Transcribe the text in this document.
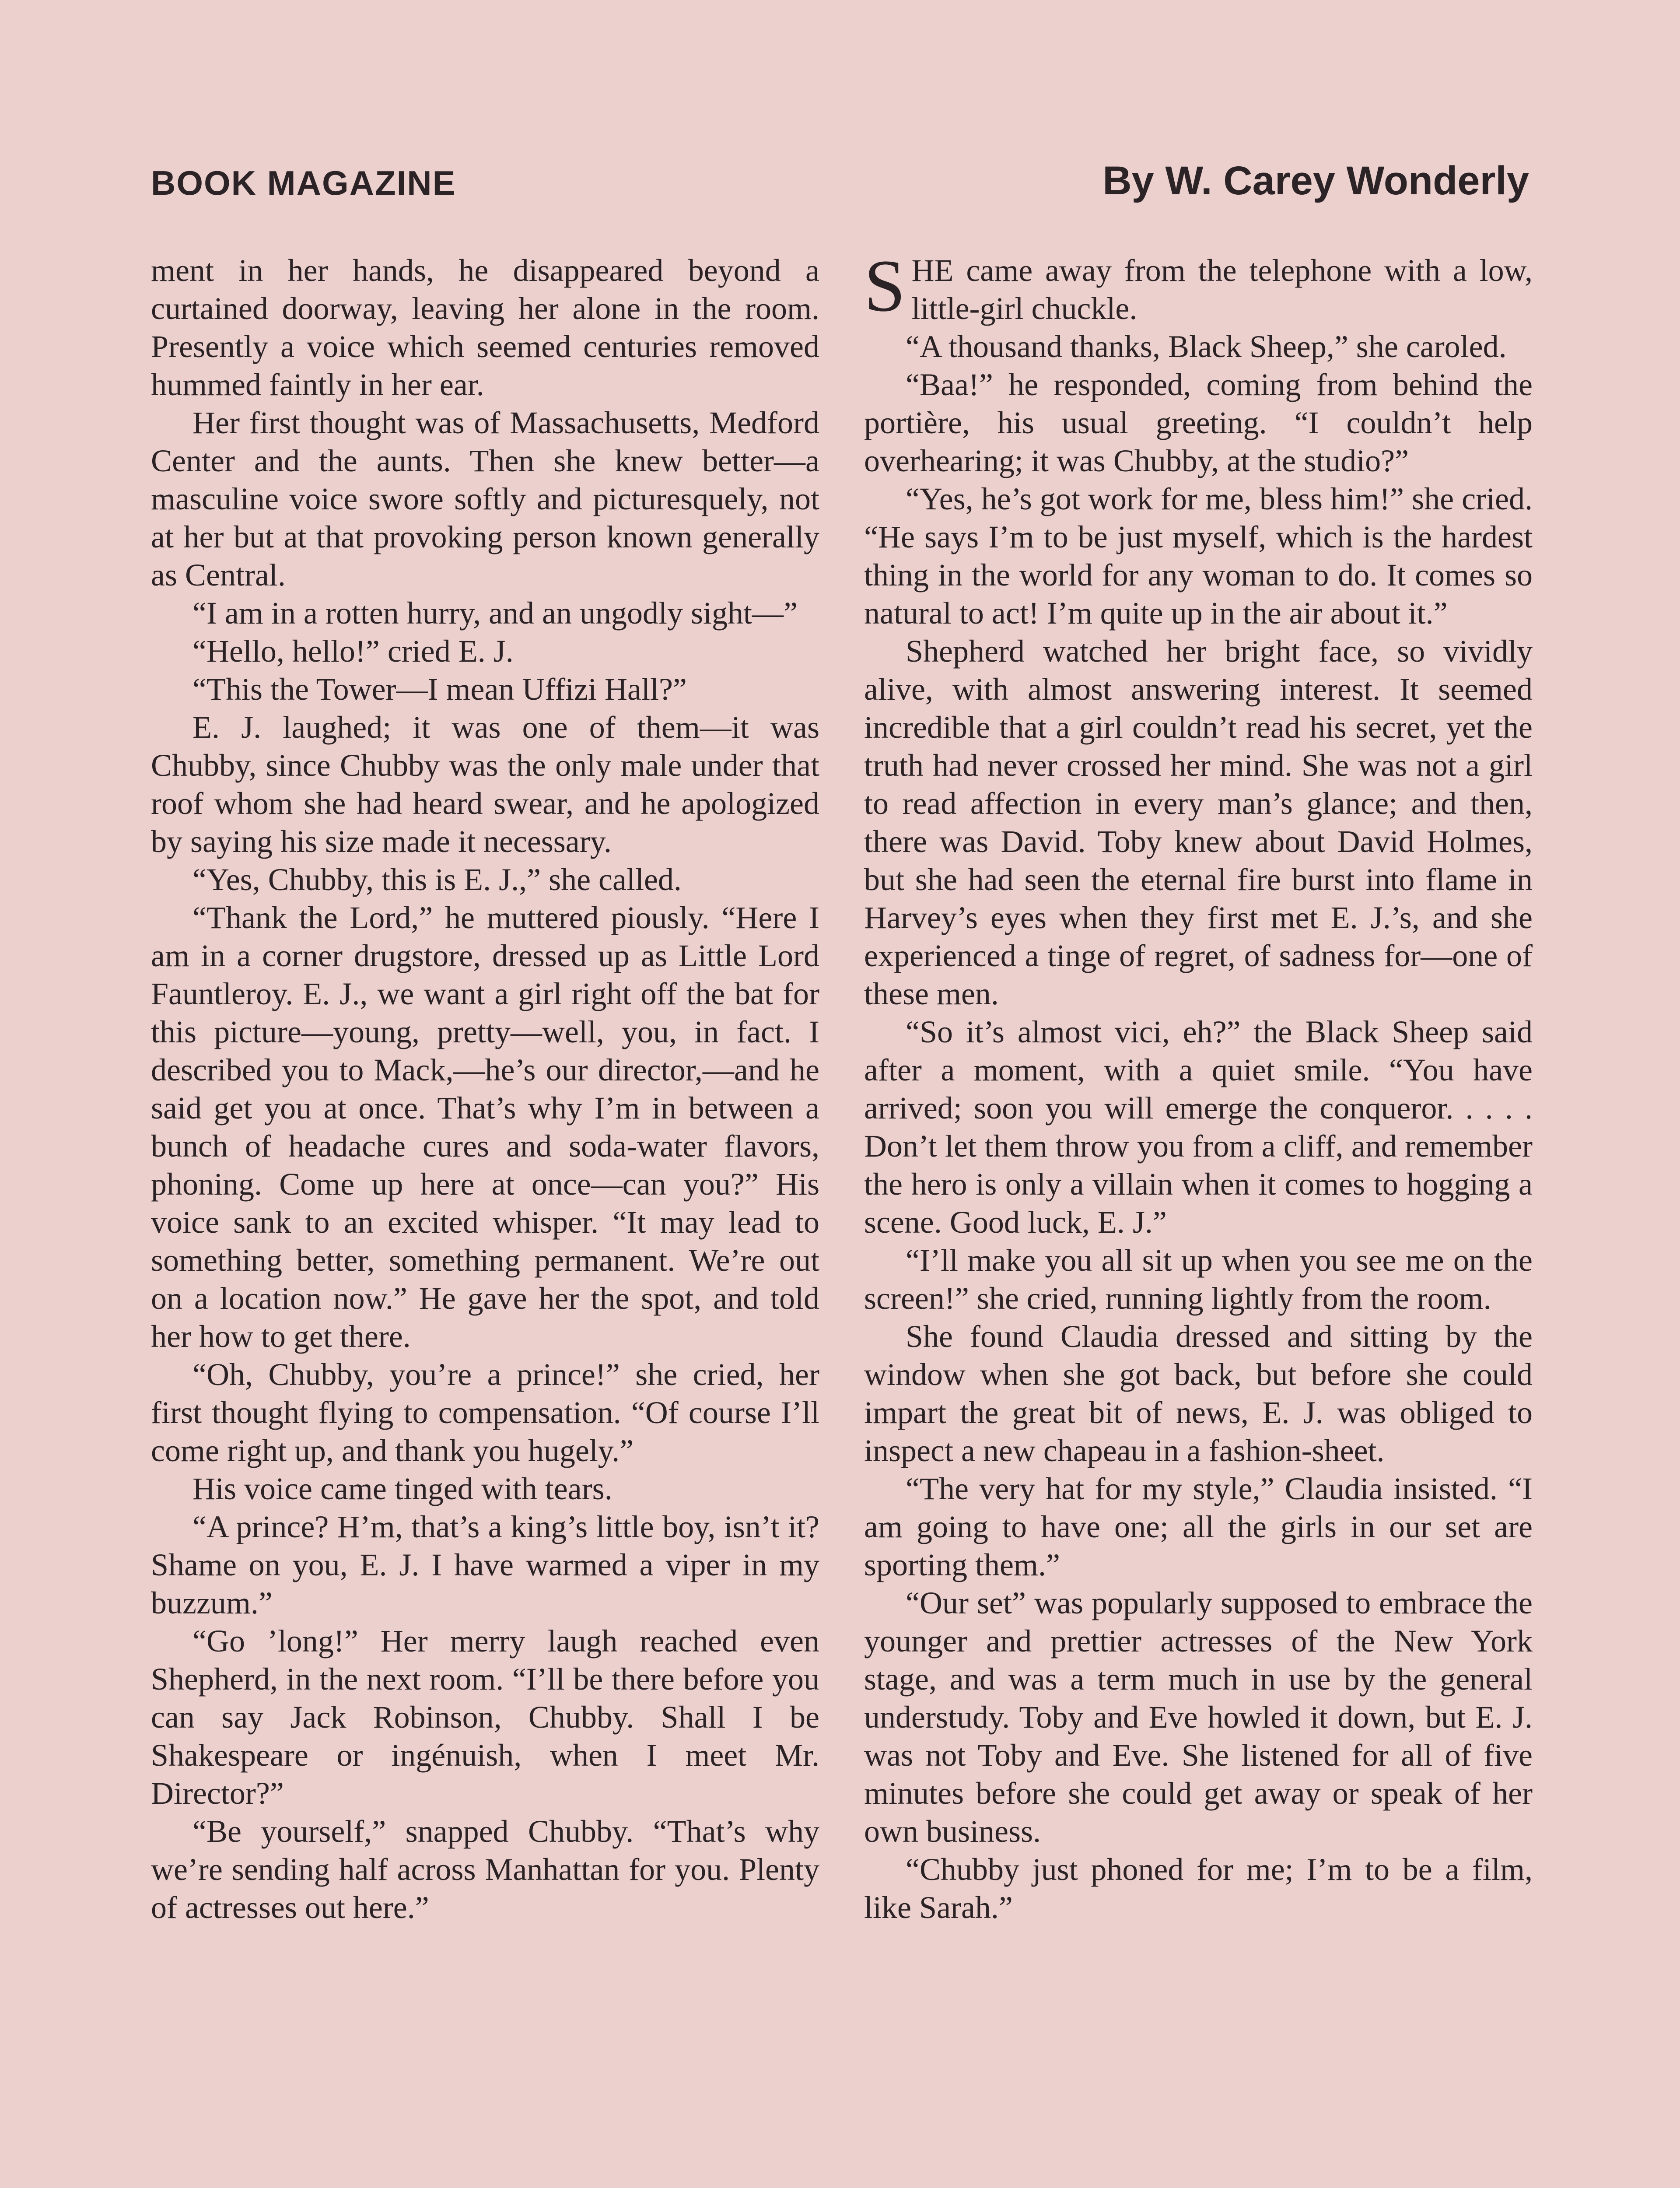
BOOK MAGAZINE	By W. Carey Wonderly

ment in her hands, he disappeared beyond a curtained doorway, leaving her alone in the room. Presently a voice which seemed centuries removed hummed faintly in her ear.

Her first thought was of Massachusetts, Medford Center and the aunts. Then she knew better—a masculine voice swore softly and picturesquely, not at her but at that provoking person known generally as Central.

“I am in a rotten hurry, and an ungodly sight—”

“Hello, hello!” cried E. J.

“This the Tower—I mean Uffizi Hall?”

E. J. laughed; it was one of them—it was Chubby, since Chubby was the only male under that roof whom she had heard swear, and he apologized by saying his size made it necessary.

“Yes, Chubby, this is E. J.,” she called.

“Thank the Lord,” he muttered piously. “Here I am in a corner drugstore, dressed up as Little Lord Fauntleroy. E. J., we want a girl right off the bat for this picture—young, pretty—well, you, in fact. I described you to Mack,—he’s our director,—and he said get you at once. That’s why I’m in between a bunch of headache cures and soda-water flavors, phoning. Come up here at once—can you?” His voice sank to an excited whisper. “It may lead to something better, something permanent. We’re out on a location now.” He gave her the spot, and told her how to get there.

“Oh, Chubby, you’re a prince!” she cried, her first thought flying to compensation. “Of course I’ll come right up, and thank you hugely.”

His voice came tinged with tears.

“A prince? H’m, that’s a king’s little boy, isn’t it? Shame on you, E. J. I have warmed a viper in my buzzum.”

“Go ’long!” Her merry laugh reached even Shepherd, in the next room. “I’ll be there before you can say Jack Robinson, Chubby. Shall I be Shakespeare or ingénuish, when I meet Mr. Director?”

“Be yourself,” snapped Chubby. “That’s why we’re sending half across Manhattan for you. Plenty of actresses out here.”

SHE came away from the telephone with a low, little-girl chuckle.

“A thousand thanks, Black Sheep,” she caroled.

“Baa!” he responded, coming from behind the portière, his usual greeting. “I couldn’t help overhearing; it was Chubby, at the studio?”

“Yes, he’s got work for me, bless him!” she cried. “He says I’m to be just myself, which is the hardest thing in the world for any woman to do. It comes so natural to act! I’m quite up in the air about it.”

Shepherd watched her bright face, so vividly alive, with almost answering interest. It seemed incredible that a girl couldn’t read his secret, yet the truth had never crossed her mind. She was not a girl to read affection in every man’s glance; and then, there was David. Toby knew about David Holmes, but she had seen the eternal fire burst into flame in Harvey’s eyes when they first met E. J.’s, and she experienced a tinge of regret, of sadness for—one of these men.

“So it’s almost vici, eh?” the Black Sheep said after a moment, with a quiet smile. “You have arrived; soon you will emerge the conqueror. . . . . Don’t let them throw you from a cliff, and remember the hero is only a villain when it comes to hogging a scene. Good luck, E. J.”

“I’ll make you all sit up when you see me on the screen!” she cried, running lightly from the room.

She found Claudia dressed and sitting by the window when she got back, but before she could impart the great bit of news, E. J. was obliged to inspect a new chapeau in a fashion-sheet.

“The very hat for my style,” Claudia insisted. “I am going to have one; all the girls in our set are sporting them.”

“Our set” was popularly supposed to embrace the younger and prettier actresses of the New York stage, and was a term much in use by the general understudy. Toby and Eve howled it down, but E. J. was not Toby and Eve. She listened for all of five minutes before she could get away or speak of her own business.

“Chubby just phoned for me; I’m to be a film, like Sarah.”
